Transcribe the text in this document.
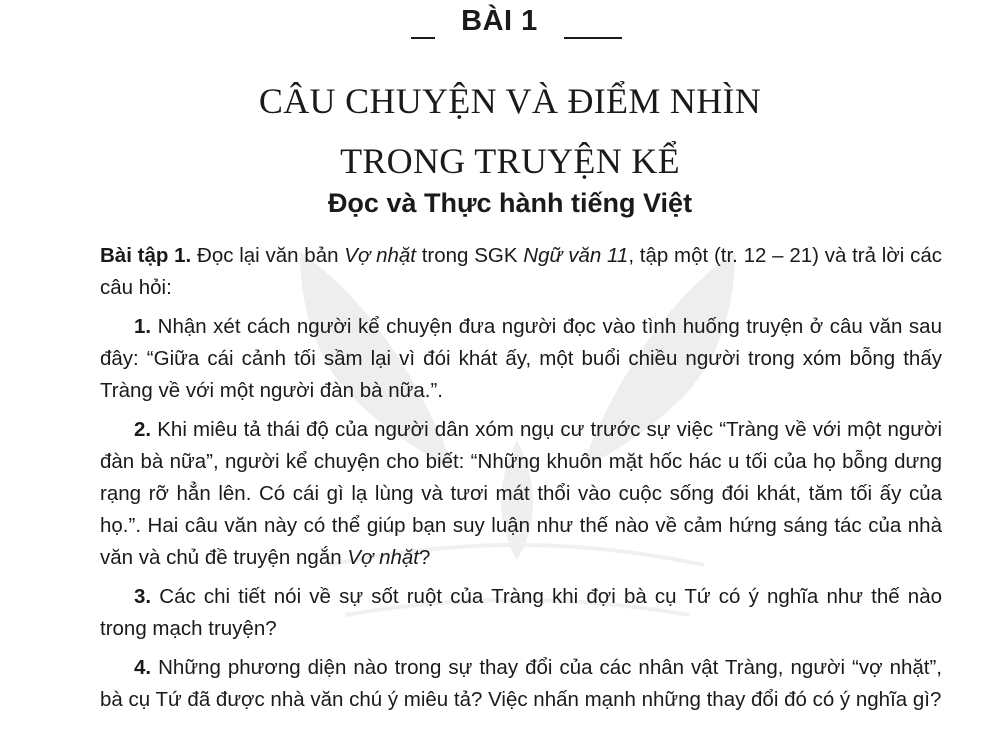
BÀI 1
CÂU CHUYỆN VÀ ĐIỂM NHÌN
TRONG TRUYỆN KỂ
Đọc và Thực hành tiếng Việt

Bài tập 1. Đọc lại văn bản Vợ nhặt trong SGK Ngữ văn 11, tập một (tr. 12 – 21) và trả lời các câu hỏi:

1. Nhận xét cách người kể chuyện đưa người đọc vào tình huống truyện ở câu văn sau đây: “Giữa cái cảnh tối sầm lại vì đói khát ấy, một buổi chiều người trong xóm bỗng thấy Tràng về với một người đàn bà nữa.”.

2. Khi miêu tả thái độ của người dân xóm ngụ cư trước sự việc “Tràng về với một người đàn bà nữa”, người kể chuyện cho biết: “Những khuôn mặt hốc hác u tối của họ bỗng dưng rạng rỡ hẳn lên. Có cái gì lạ lùng và tươi mát thổi vào cuộc sống đói khát, tăm tối ấy của họ.”. Hai câu văn này có thể giúp bạn suy luận như thế nào về cảm hứng sáng tác của nhà văn và chủ đề truyện ngắn Vợ nhặt?

3. Các chi tiết nói về sự sốt ruột của Tràng khi đợi bà cụ Tứ có ý nghĩa như thế nào trong mạch truyện?

4. Những phương diện nào trong sự thay đổi của các nhân vật Tràng, người “vợ nhặt”, bà cụ Tứ đã được nhà văn chú ý miêu tả? Việc nhấn mạnh những thay đổi đó có ý nghĩa gì?
